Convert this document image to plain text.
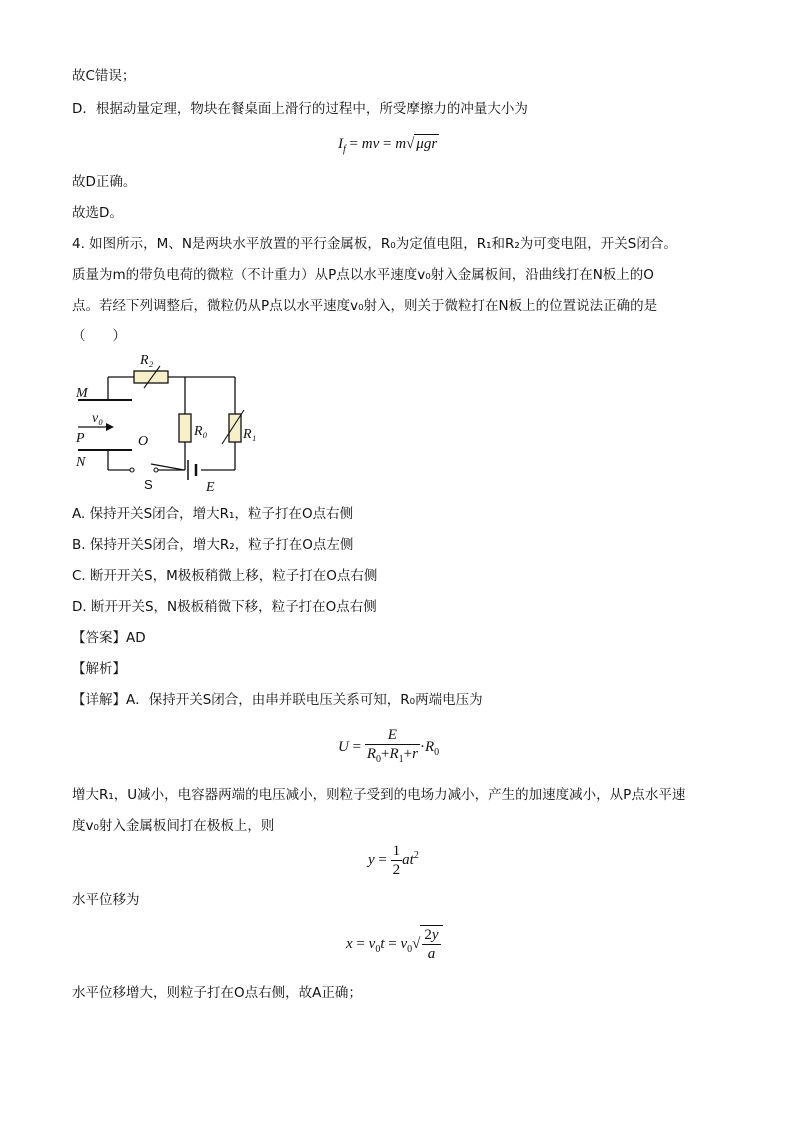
故C错误；
D．根据动量定理，物块在餐桌面上滑行的过程中，所受摩擦力的冲量大小为
$I_f$ = mv = m√ μgr
故D正确。
故选D。
4. 如图所示，M、N是两块水平放置的平行金属板，R₀为定值电阻，R₁和R₂为可变电阻，开关S闭合。
质量为m的带负电荷的微粒（不计重力）从P点以水平速度v₀射入金属板间，沿曲线打在N板上的O
点。若经下列调整后，微粒仍从P点以水平速度v₀射入，则关于微粒打在N板上的位置说法正确的是
（　　）
R₂
M
v₀
P	O
R₀	R₁
N
E
S
A. 保持开关S闭合，增大R₁，粒子打在O点右侧
B. 保持开关S闭合，增大R₂，粒子打在O点左侧
C. 断开开关S，M极板稍微上移，粒子打在O点右侧
D. 断开开关S，N极板稍微下移，粒子打在O点右侧
【答案】AD
【解析】
【详解】A．保持开关S闭合，由串并联电压关系可知，R₀两端电压为
$U = \frac{E}{R_0+R_1+r} \cdot R_0$
增大R₁，U减小，电容器两端的电压减小，则粒子受到的电场力减小，产生的加速度减小，从P点水平速
度v₀射入金属板间打在极板上，则
$y = \frac{1}{2} at^2$
水平位移为
$x = v_0t = v_0√ \frac{2y}{a}$
水平位移增大，则粒子打在O点右侧，故A正确；
